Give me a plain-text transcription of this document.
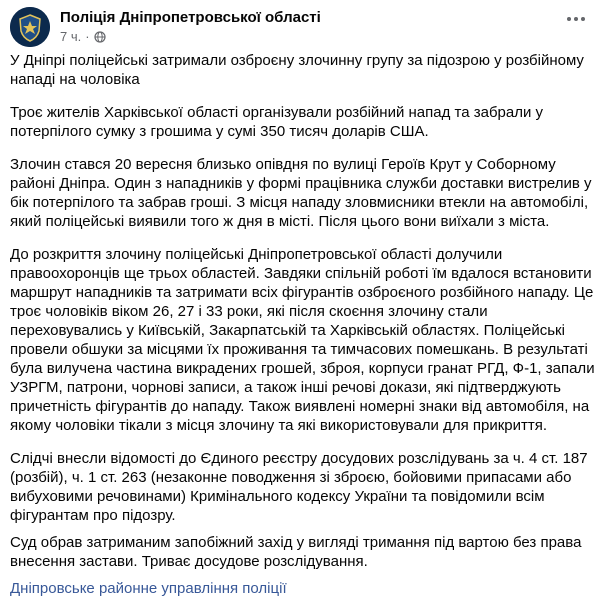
Поліція Дніпропетровської області
7 ч. ·

У Дніпрі поліцейські затримали озброєну злочинну групу за підозрою у розбійному нападі на чоловіка

Троє жителів Харківської області організували розбійний напад та забрали у потерпілого сумку з грошима у сумі 350 тисяч доларів США.

Злочин стався 20 вересня близько опівдня по вулиці Героїв Крут у Соборному районі Дніпра. Один з нападників у формі працівника служби доставки вистрелив у бік потерпілого та забрав гроші. З місця нападу зловмисники втекли на автомобілі, який поліцейські виявили того ж дня в місті. Після цього вони виїхали з міста.

До розкриття злочину поліцейські Дніпропетровської області долучили правоохоронців ще трьох областей. Завдяки спільній роботі їм вдалося встановити маршрут нападників та затримати всіх фігурантів озброєного розбійного нападу. Це троє чоловіків віком 26, 27 і 33 роки, які після скоєння злочину стали переховувались у Київській, Закарпатській та Харківській областях. Поліцейські провели обшуки за місцями їх проживання та тимчасових помешкань. В результаті була вилучена частина викрадених грошей, зброя, корпуси гранат РГД, Ф-1, запали УЗРГМ, патрони, чорнові записи, а також інші речові докази, які підтверджують причетність фігурантів до нападу. Також виявлені номерні знаки від автомобіля, на якому чоловіки тікали з місця злочину та які використовували для прикриття.

Слідчі внесли відомості до Єдиного реєстру досудових розслідувань за ч. 4 ст. 187 (розбій), ч. 1 ст. 263 (незаконне поводження зі зброєю, бойовими припасами або вибуховими речовинами) Кримінального кодексу України та повідомили всім фігурантам про підозру.

Суд обрав затриманим запобіжний захід у вигляді тримання під вартою без права внесення застави. Триває досудове розслідування.

Дніпровське районне управління поліції
